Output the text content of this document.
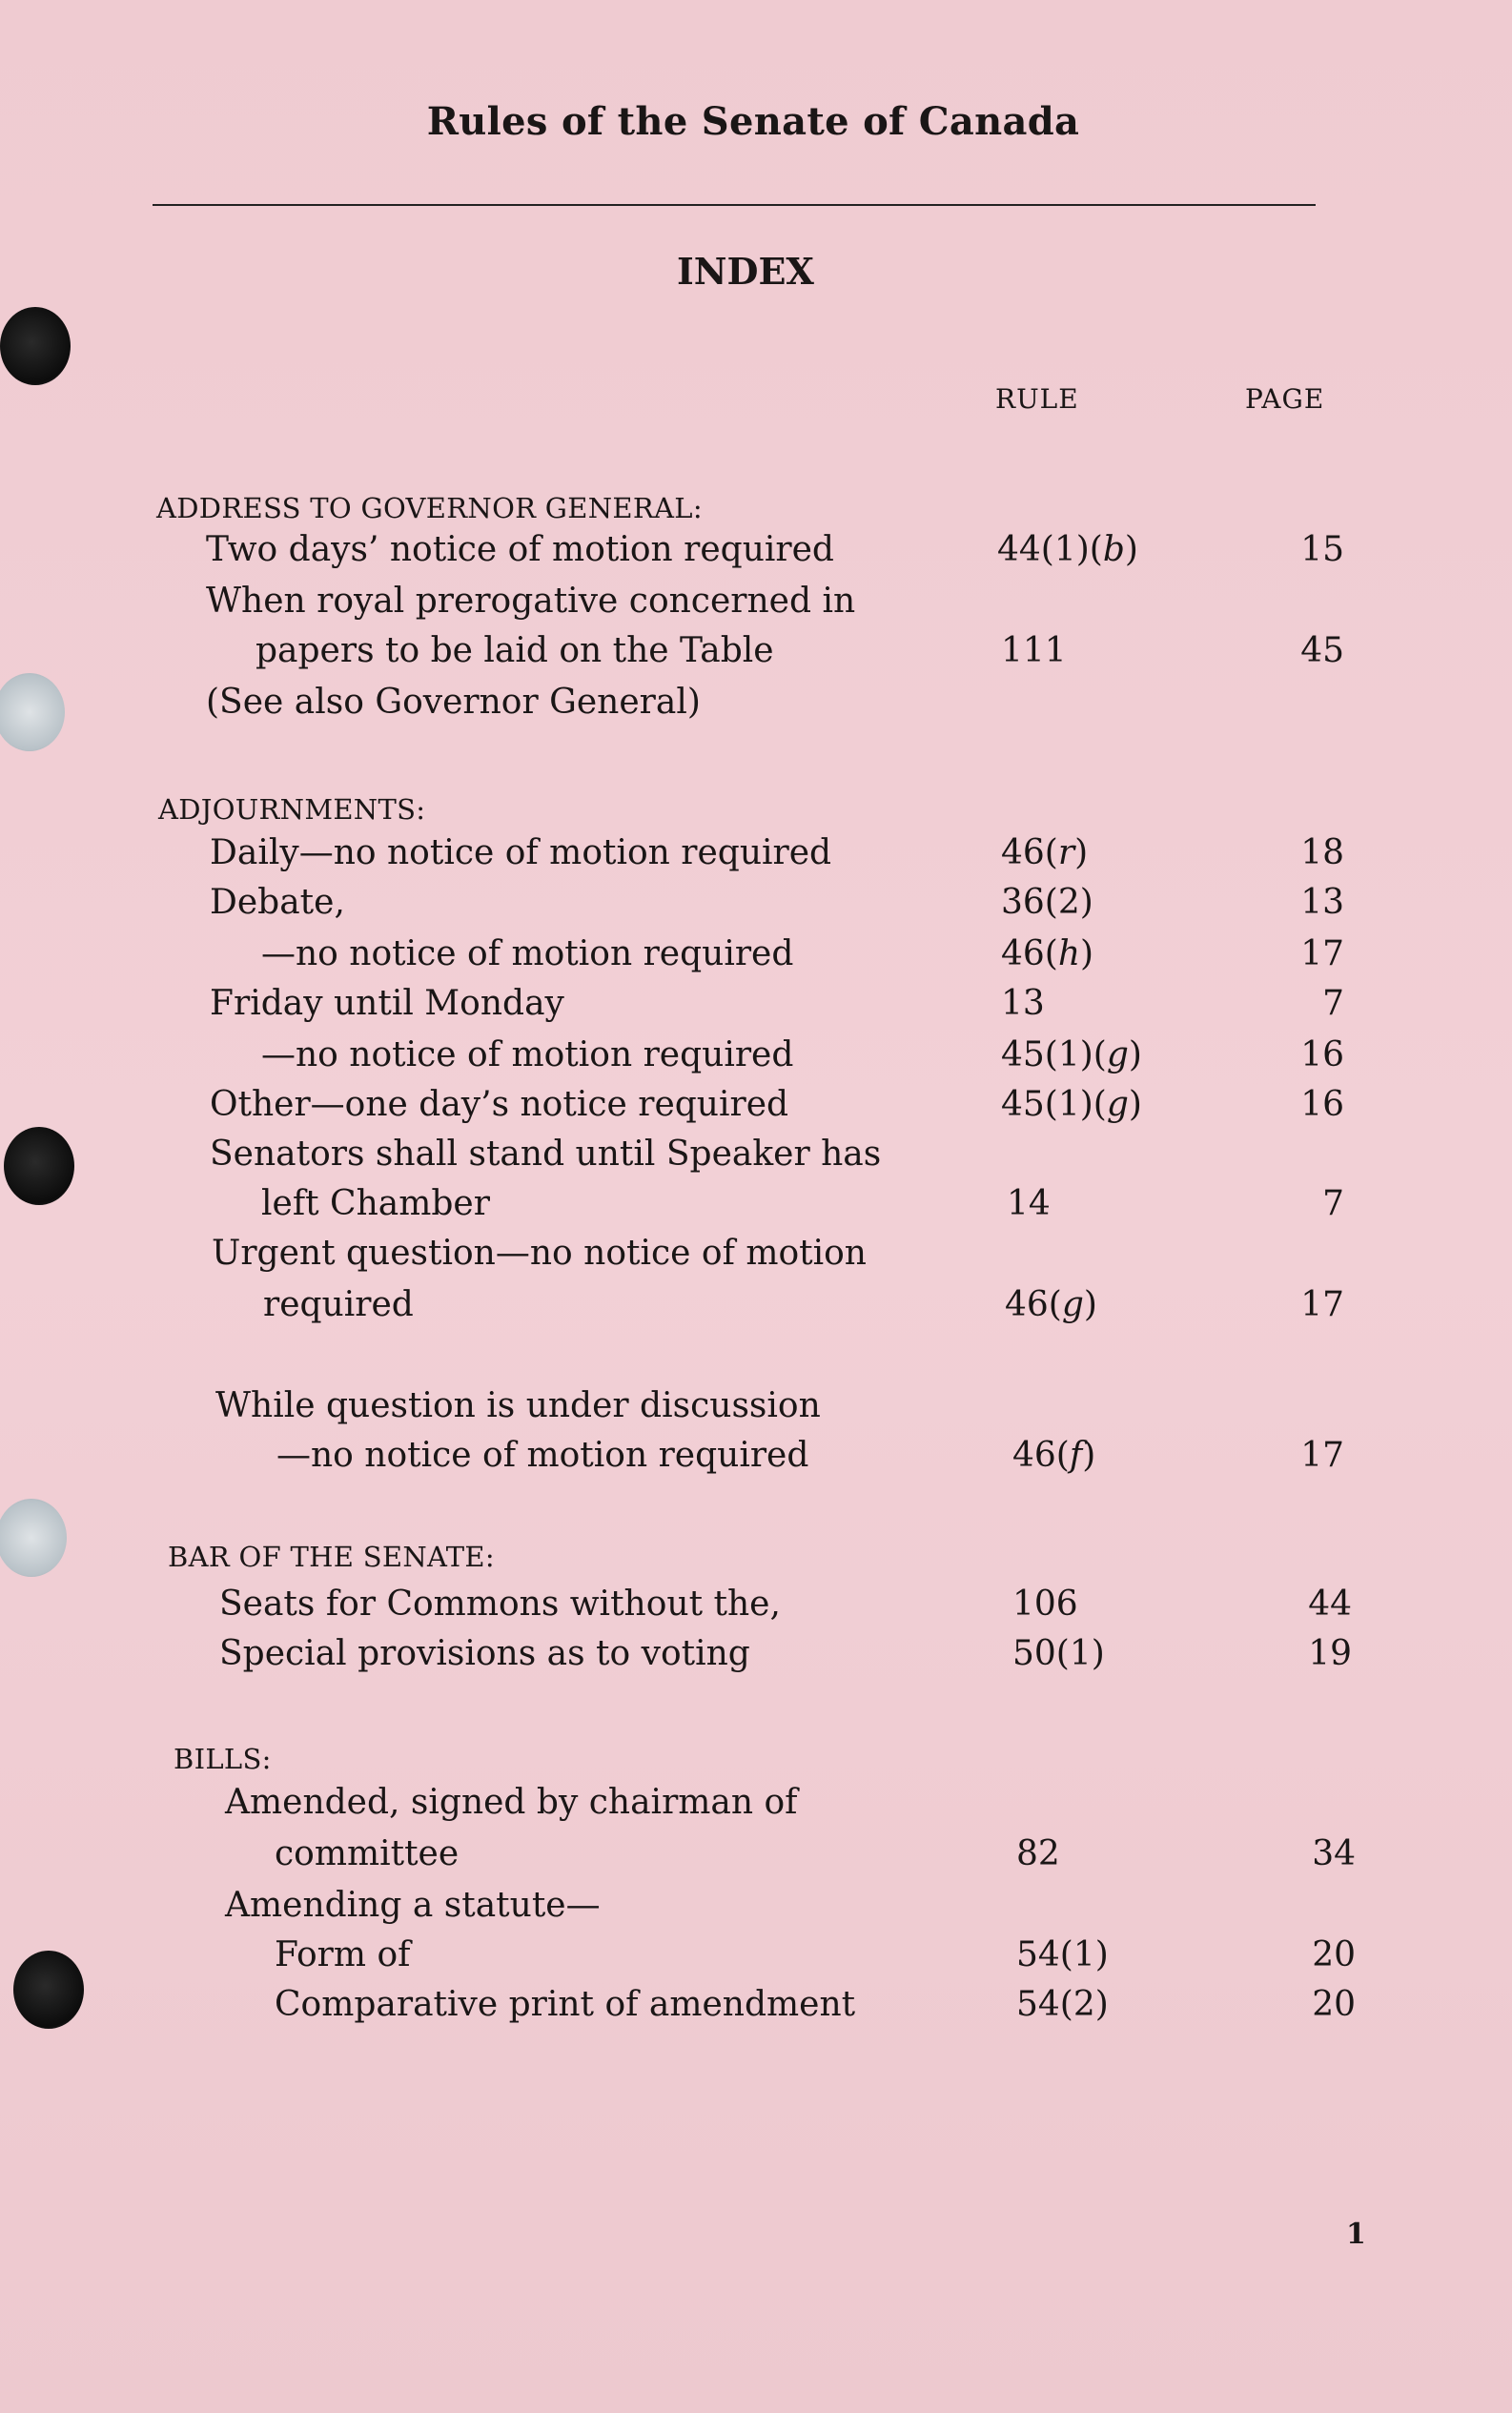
Rules of the Senate of Canada
INDEX
RULE	PAGE
ADDRESS TO GOVERNOR GENERAL:
Two days’ notice of motion required	44(1)(b)	15
When royal prerogative concerned in
papers to be laid on the Table	111	45
(See also Governor General)
ADJOURNMENTS:
Daily—no notice of motion required	46(r)	18
Debate,	36(2)	13
—no notice of motion required	46(h)	17
Friday until Monday	13	7
—no notice of motion required	45(1)(g)	16
Other—one day’s notice required	45(1)(g)	16
Senators shall stand until Speaker has
left Chamber	14	7
Urgent question—no notice of motion
required	46(g)	17
While question is under discussion
—no notice of motion required	46(f)	17
BAR OF THE SENATE:
Seats for Commons without the,	106	44
Special provisions as to voting	50(1)	19
BILLS:
Amended, signed by chairman of
committee	82	34
Amending a statute—
Form of	54(1)	20
Comparative print of amendment	54(2)	20
1
